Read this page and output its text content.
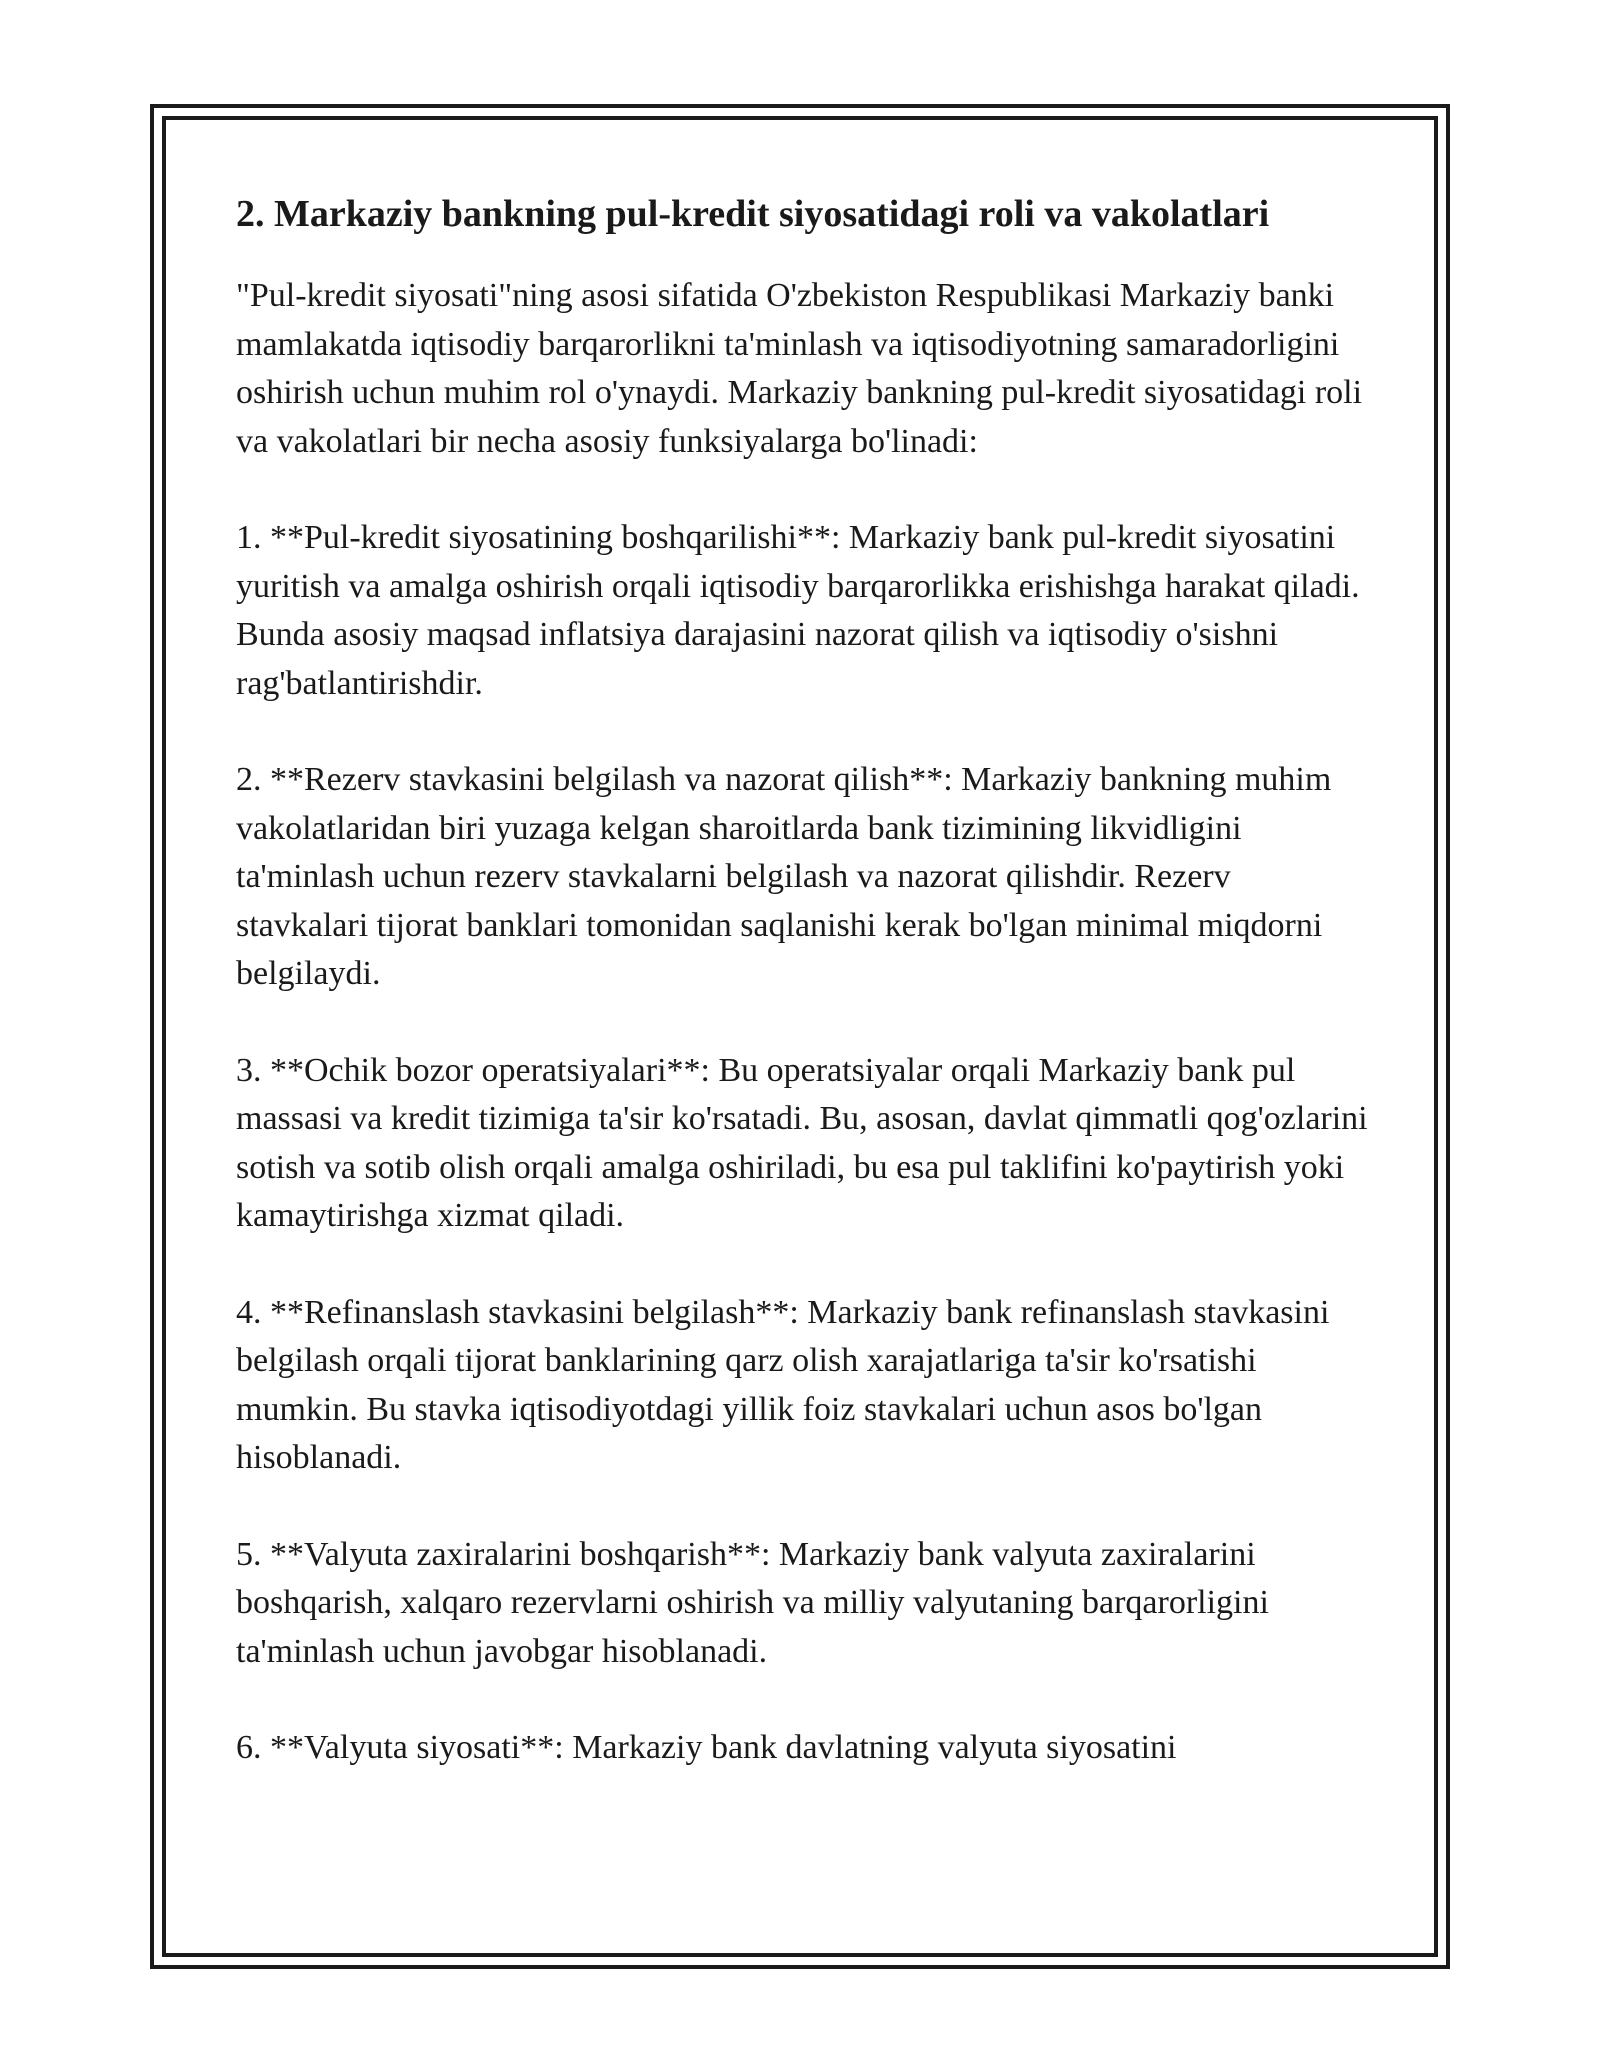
2. Markaziy bankning pul-kredit siyosatidagi roli va vakolatlari

"Pul-kredit siyosati"ning asosi sifatida O'zbekiston Respublikasi Markaziy banki mamlakatda iqtisodiy barqarorlikni ta'minlash va iqtisodiyotning samaradorligini oshirish uchun muhim rol o'ynaydi. Markaziy bankning pul-kredit siyosatidagi roli va vakolatlari bir necha asosiy funksiyalarga bo'linadi:

1. **Pul-kredit siyosatining boshqarilishi**: Markaziy bank pul-kredit siyosatini yuritish va amalga oshirish orqali iqtisodiy barqarorlikka erishishga harakat qiladi. Bunda asosiy maqsad inflatsiya darajasini nazorat qilish va iqtisodiy o'sishni rag'batlantirishdir.

2. **Rezerv stavkasini belgilash va nazorat qilish**: Markaziy bankning muhim vakolatlaridan biri yuzaga kelgan sharoitlarda bank tizimining likvidligini ta'minlash uchun rezerv stavkalarni belgilash va nazorat qilishdir. Rezerv stavkalari tijorat banklari tomonidan saqlanishi kerak bo'lgan minimal miqdorni belgilaydi.

3. **Ochik bozor operatsiyalari**: Bu operatsiyalar orqali Markaziy bank pul massasi va kredit tizimiga ta'sir ko'rsatadi. Bu, asosan, davlat qimmatli qog'ozlarini sotish va sotib olish orqali amalga oshiriladi, bu esa pul taklifini ko'paytirish yoki kamaytirishga xizmat qiladi.

4. **Refinanslash stavkasini belgilash**: Markaziy bank refinanslash stavkasini belgilash orqali tijorat banklarining qarz olish xarajatlariga ta'sir ko'rsatishi mumkin. Bu stavka iqtisodiyotdagi yillik foiz stavkalari uchun asos bo'lgan hisoblanadi.

5. **Valyuta zaxiralarini boshqarish**: Markaziy bank valyuta zaxiralarini boshqarish, xalqaro rezervlarni oshirish va milliy valyutaning barqarorligini ta'minlash uchun javobgar hisoblanadi.

6. **Valyuta siyosati**: Markaziy bank davlatning valyuta siyosatini
